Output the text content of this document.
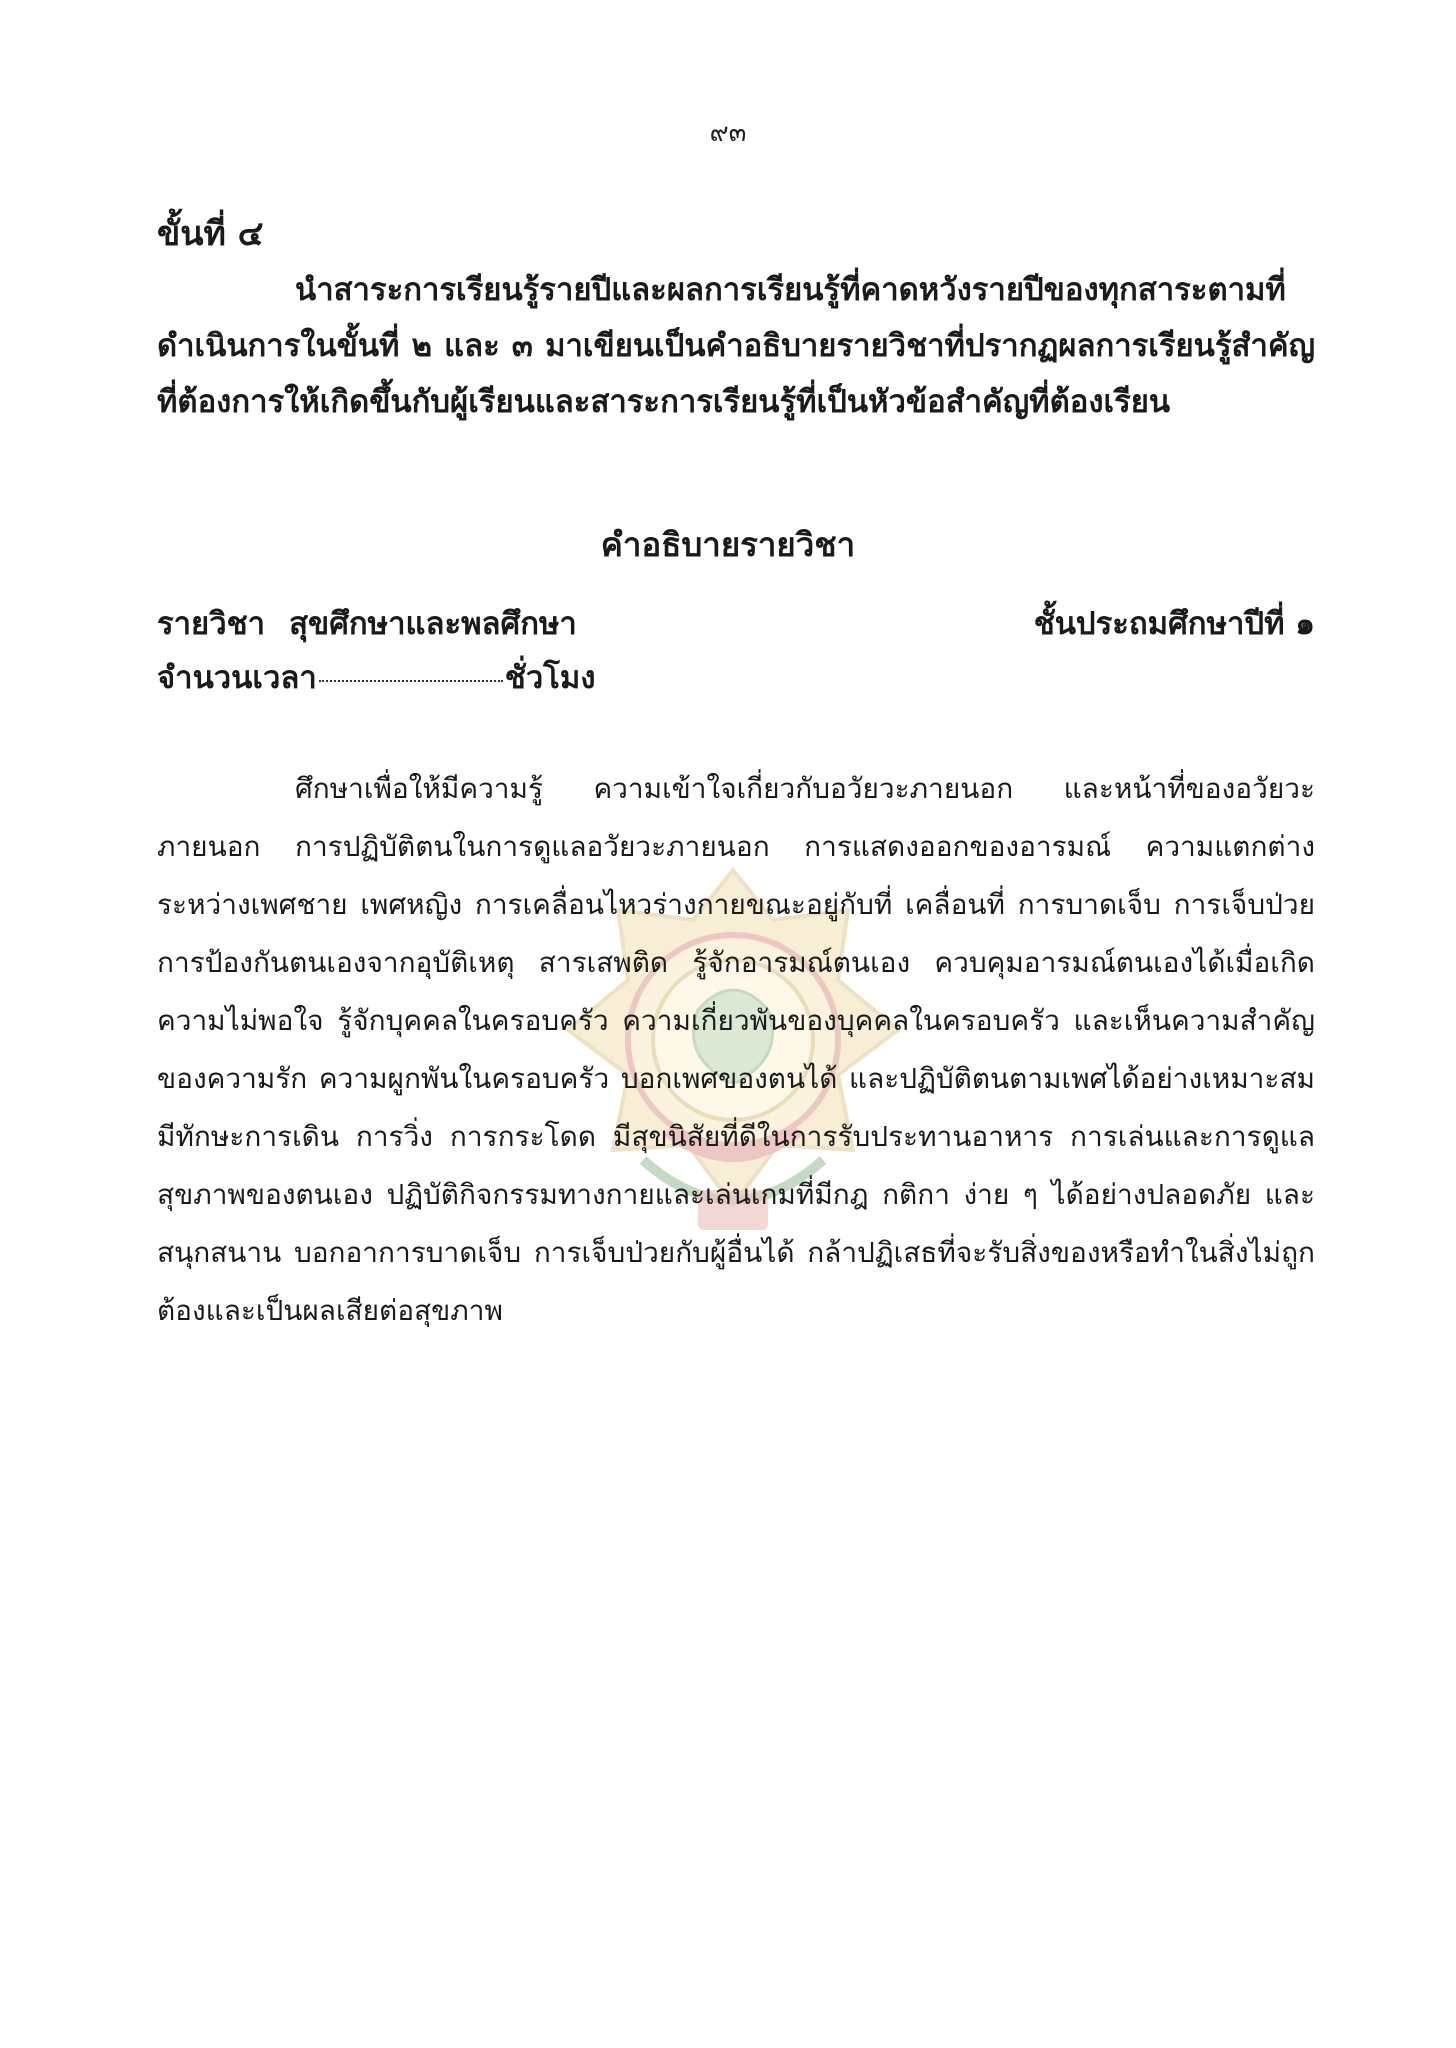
๙๓
ขั้นที่ ๔
นำสาระการเรียนรู้รายปีและผลการเรียนรู้ที่คาดหวังรายปีของทุกสาระตามที่ดำเนินการในขั้นที่ ๒ และ ๓ มาเขียนเป็นคำอธิบายรายวิชาที่ปรากฏผลการเรียนรู้สำคัญที่ต้องการให้เกิดขึ้นกับผู้เรียนและสาระการเรียนรู้ที่เป็นหัวข้อสำคัญที่ต้องเรียน
คำอธิบายรายวิชา
รายวิชา สุขศึกษาและพลศึกษา	ชั้นประถมศึกษาปีที่ ๑
จำนวนเวลา	ชั่วโมง
ศึกษาเพื่อให้มีความรู้ ความเข้าใจเกี่ยวกับอวัยวะภายนอก และหน้าที่ของอวัยวะภายนอก การปฏิบัติตนในการดูแลอวัยวะภายนอก การแสดงออกของอารมณ์ ความแตกต่างระหว่างเพศชาย เพศหญิง การเคลื่อนไหวร่างกายขณะอยู่กับที่ เคลื่อนที่ การบาดเจ็บ การเจ็บป่วย การป้องกันตนเองจากอุบัติเหตุ สารเสพติด รู้จักอารมณ์ตนเอง ควบคุมอารมณ์ตนเองได้เมื่อเกิดความไม่พอใจ รู้จักบุคคลในครอบครัว ความเกี่ยวพันของบุคคลในครอบครัว และเห็นความสำคัญของความรัก ความผูกพันในครอบครัว บอกเพศของตนได้ และปฏิบัติตนตามเพศได้อย่างเหมาะสม มีทักษะการเดิน การวิ่ง การกระโดด มีสุขนิสัยที่ดีในการรับประทานอาหาร การเล่นและการดูแลสุขภาพของตนเอง ปฏิบัติกิจกรรมทางกายและเล่นเกมที่มีกฎ กติกา ง่าย ๆ ได้อย่างปลอดภัย และสนุกสนาน บอกอาการบาดเจ็บ การเจ็บป่วยกับผู้อื่นได้ กล้าปฏิเสธที่จะรับสิ่งของหรือทำในสิ่งไม่ถูกต้องและเป็นผลเสียต่อสุขภาพ
